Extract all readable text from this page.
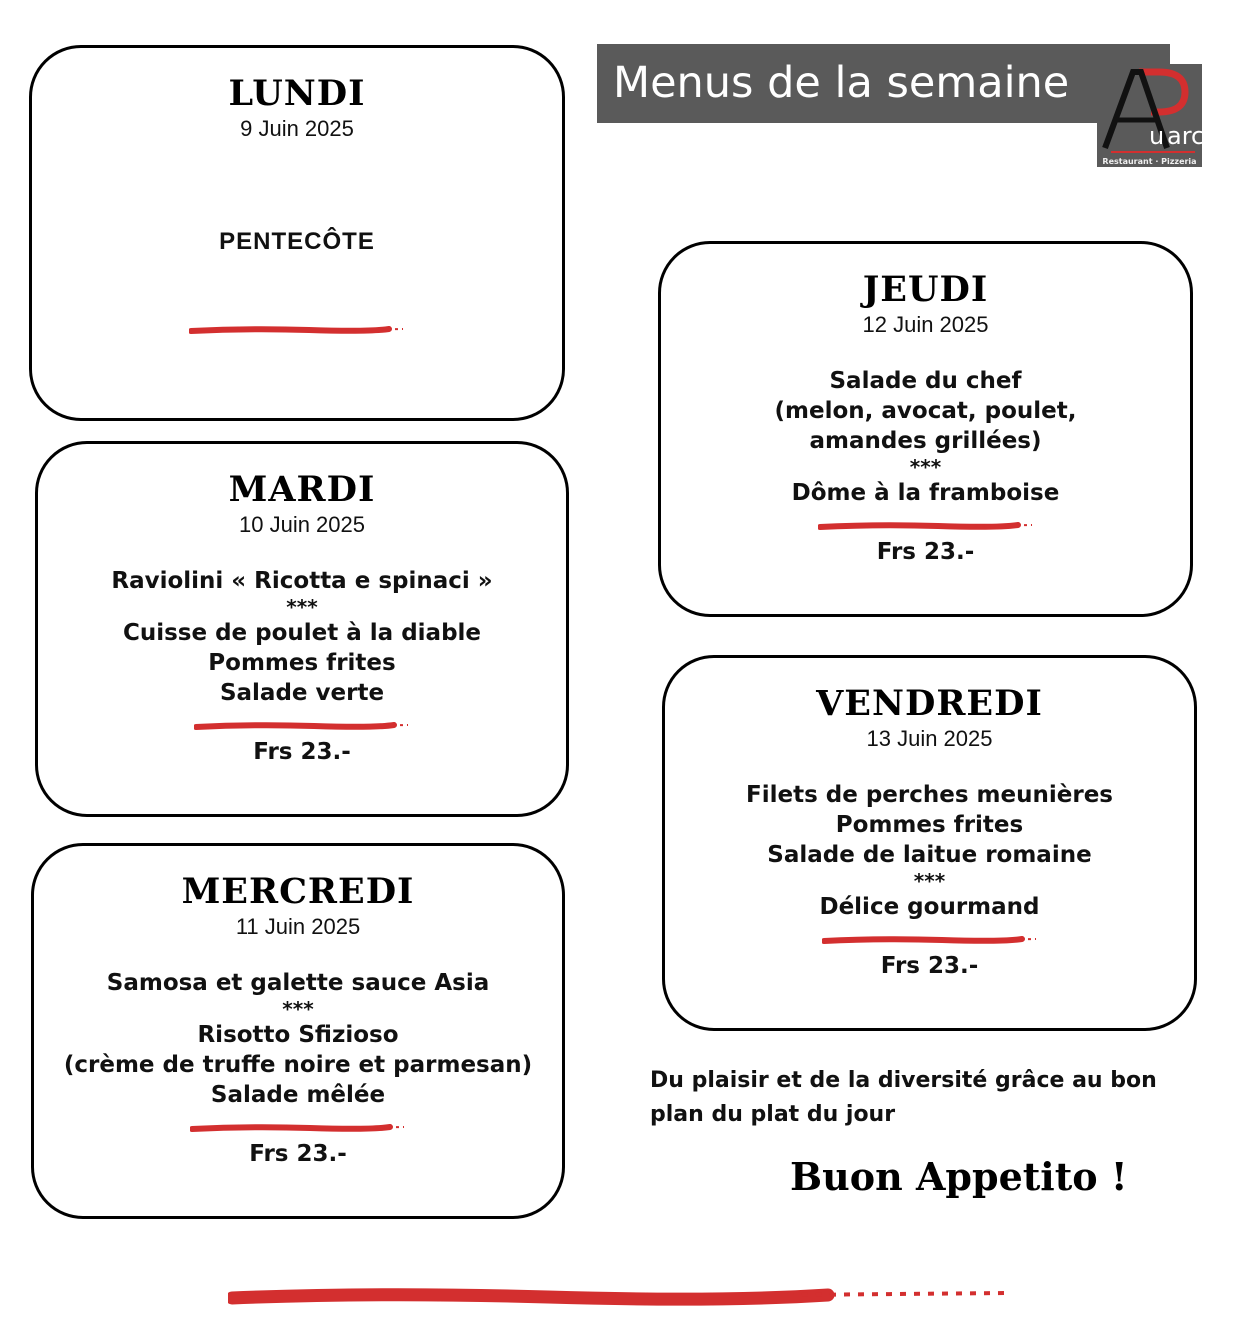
Menus de la semaine
u arc
Restaurant · Pizzeria
LUNDI
9 Juin 2025
PENTECÔTE
MARDI
10 Juin 2025
Raviolini « Ricotta e spinaci »
***
Cuisse de poulet à la diable
Pommes frites
Salade verte
Frs 23.-
MERCREDI
11 Juin 2025
Samosa et galette sauce Asia
***
Risotto Sfizioso
(crème de truffe noire et parmesan)
Salade mêlée
Frs 23.-
JEUDI
12 Juin 2025
Salade du chef
(melon, avocat, poulet,
amandes grillées)
***
Dôme à la framboise
Frs 23.-
VENDREDI
13 Juin 2025
Filets de perches meunières
Pommes frites
Salade de laitue romaine
***
Délice gourmand
Frs 23.-
Du plaisir et de la diversité grâce au bon plan du plat du jour
Buon Appetito !
